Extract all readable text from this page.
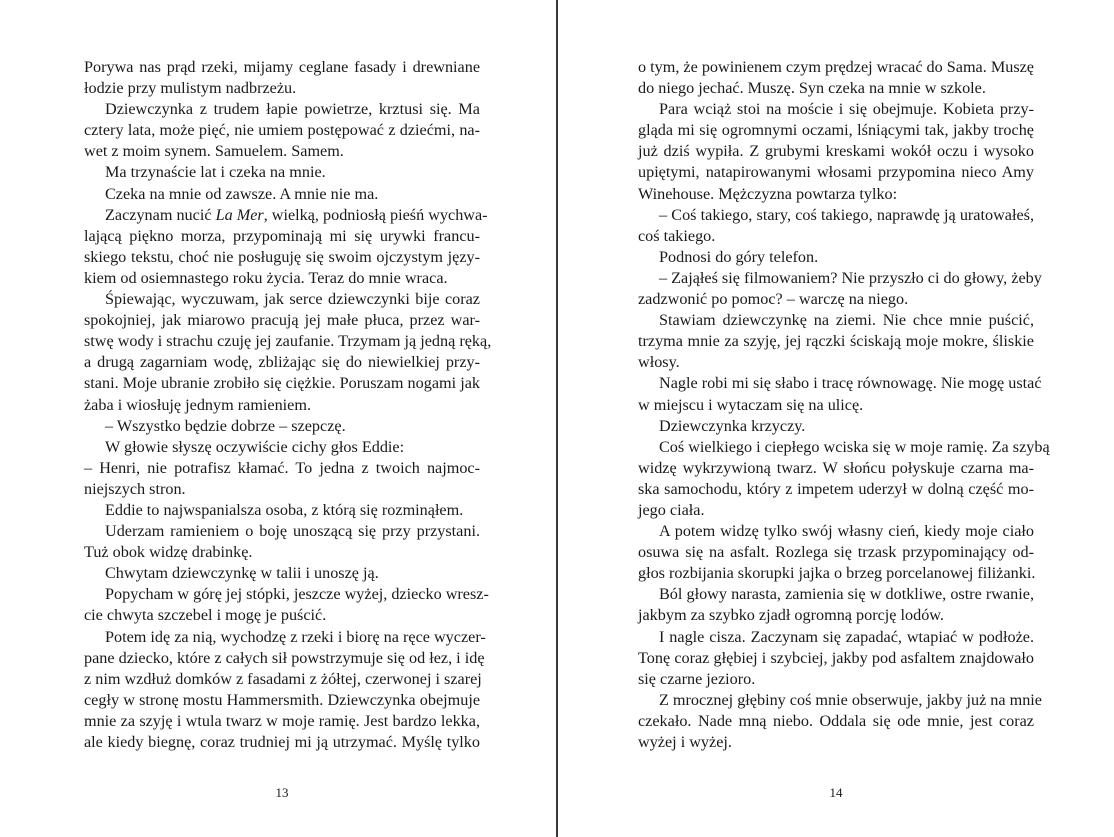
Porywa nas prąd rzeki, mijamy ceglane fasady i drewniane
łodzie przy mulistym nadbrzeżu.
Dziewczynka z trudem łapie powietrze, krztusi się. Ma
cztery lata, może pięć, nie umiem postępować z dziećmi, na-
wet z moim synem. Samuelem. Samem.
Ma trzynaście lat i czeka na mnie.
Czeka na mnie od zawsze. A mnie nie ma.
Zaczynam nucić La Mer, wielką, podniosłą pieśń wychwa-
lającą piękno morza, przypominają mi się urywki francu-
skiego tekstu, choć nie posługuję się swoim ojczystym języ-
kiem od osiemnastego roku życia. Teraz do mnie wraca.
Śpiewając, wyczuwam, jak serce dziewczynki bije coraz
spokojniej, jak miarowo pracują jej małe płuca, przez war-
stwę wody i strachu czuję jej zaufanie. Trzymam ją jedną ręką,
a drugą zagarniam wodę, zbliżając się do niewielkiej przy-
stani. Moje ubranie zrobiło się ciężkie. Poruszam nogami jak
żaba i wiosłuję jednym ramieniem.
– Wszystko będzie dobrze – szepczę.
W głowie słyszę oczywiście cichy głos Eddie:
– Henri, nie potrafisz kłamać. To jedna z twoich najmoc-
niejszych stron.
Eddie to najwspanialsza osoba, z którą się rozminąłem.
Uderzam ramieniem o boję unoszącą się przy przystani.
Tuż obok widzę drabinkę.
Chwytam dziewczynkę w talii i unoszę ją.
Popycham w górę jej stópki, jeszcze wyżej, dziecko wresz-
cie chwyta szczebel i mogę je puścić.
Potem idę za nią, wychodzę z rzeki i biorę na ręce wyczer-
pane dziecko, które z całych sił powstrzymuje się od łez, i idę
z nim wzdłuż domków z fasadami z żółtej, czerwonej i szarej
cegły w stronę mostu Hammersmith. Dziewczynka obejmuje
mnie za szyję i wtula twarz w moje ramię. Jest bardzo lekka,
ale kiedy biegnę, coraz trudniej mi ją utrzymać. Myślę tylko
13
o tym, że powinienem czym prędzej wracać do Sama. Muszę
do niego jechać. Muszę. Syn czeka na mnie w szkole.
Para wciąż stoi na moście i się obejmuje. Kobieta przy-
gląda mi się ogromnymi oczami, lśniącymi tak, jakby trochę
już dziś wypiła. Z grubymi kreskami wokół oczu i wysoko
upiętymi, natapirowanymi włosami przypomina nieco Amy
Winehouse. Mężczyzna powtarza tylko:
– Coś takiego, stary, coś takiego, naprawdę ją uratowałeś,
coś takiego.
Podnosi do góry telefon.
– Zająłeś się filmowaniem? Nie przyszło ci do głowy, żeby
zadzwonić po pomoc? – warczę na niego.
Stawiam dziewczynkę na ziemi. Nie chce mnie puścić,
trzyma mnie za szyję, jej rączki ściskają moje mokre, śliskie
włosy.
Nagle robi mi się słabo i tracę równowagę. Nie mogę ustać
w miejscu i wytaczam się na ulicę.
Dziewczynka krzyczy.
Coś wielkiego i ciepłego wciska się w moje ramię. Za szybą
widzę wykrzywioną twarz. W słońcu połyskuje czarna ma-
ska samochodu, który z impetem uderzył w dolną część mo-
jego ciała.
A potem widzę tylko swój własny cień, kiedy moje ciało
osuwa się na asfalt. Rozlega się trzask przypominający od-
głos rozbijania skorupki jajka o brzeg porcelanowej filiżanki.
Ból głowy narasta, zamienia się w dotkliwe, ostre rwanie,
jakbym za szybko zjadł ogromną porcję lodów.
I nagle cisza. Zaczynam się zapadać, wtapiać w podłoże.
Tonę coraz głębiej i szybciej, jakby pod asfaltem znajdowało
się czarne jezioro.
Z mrocznej głębiny coś mnie obserwuje, jakby już na mnie
czekało. Nade mną niebo. Oddala się ode mnie, jest coraz
wyżej i wyżej.
14
